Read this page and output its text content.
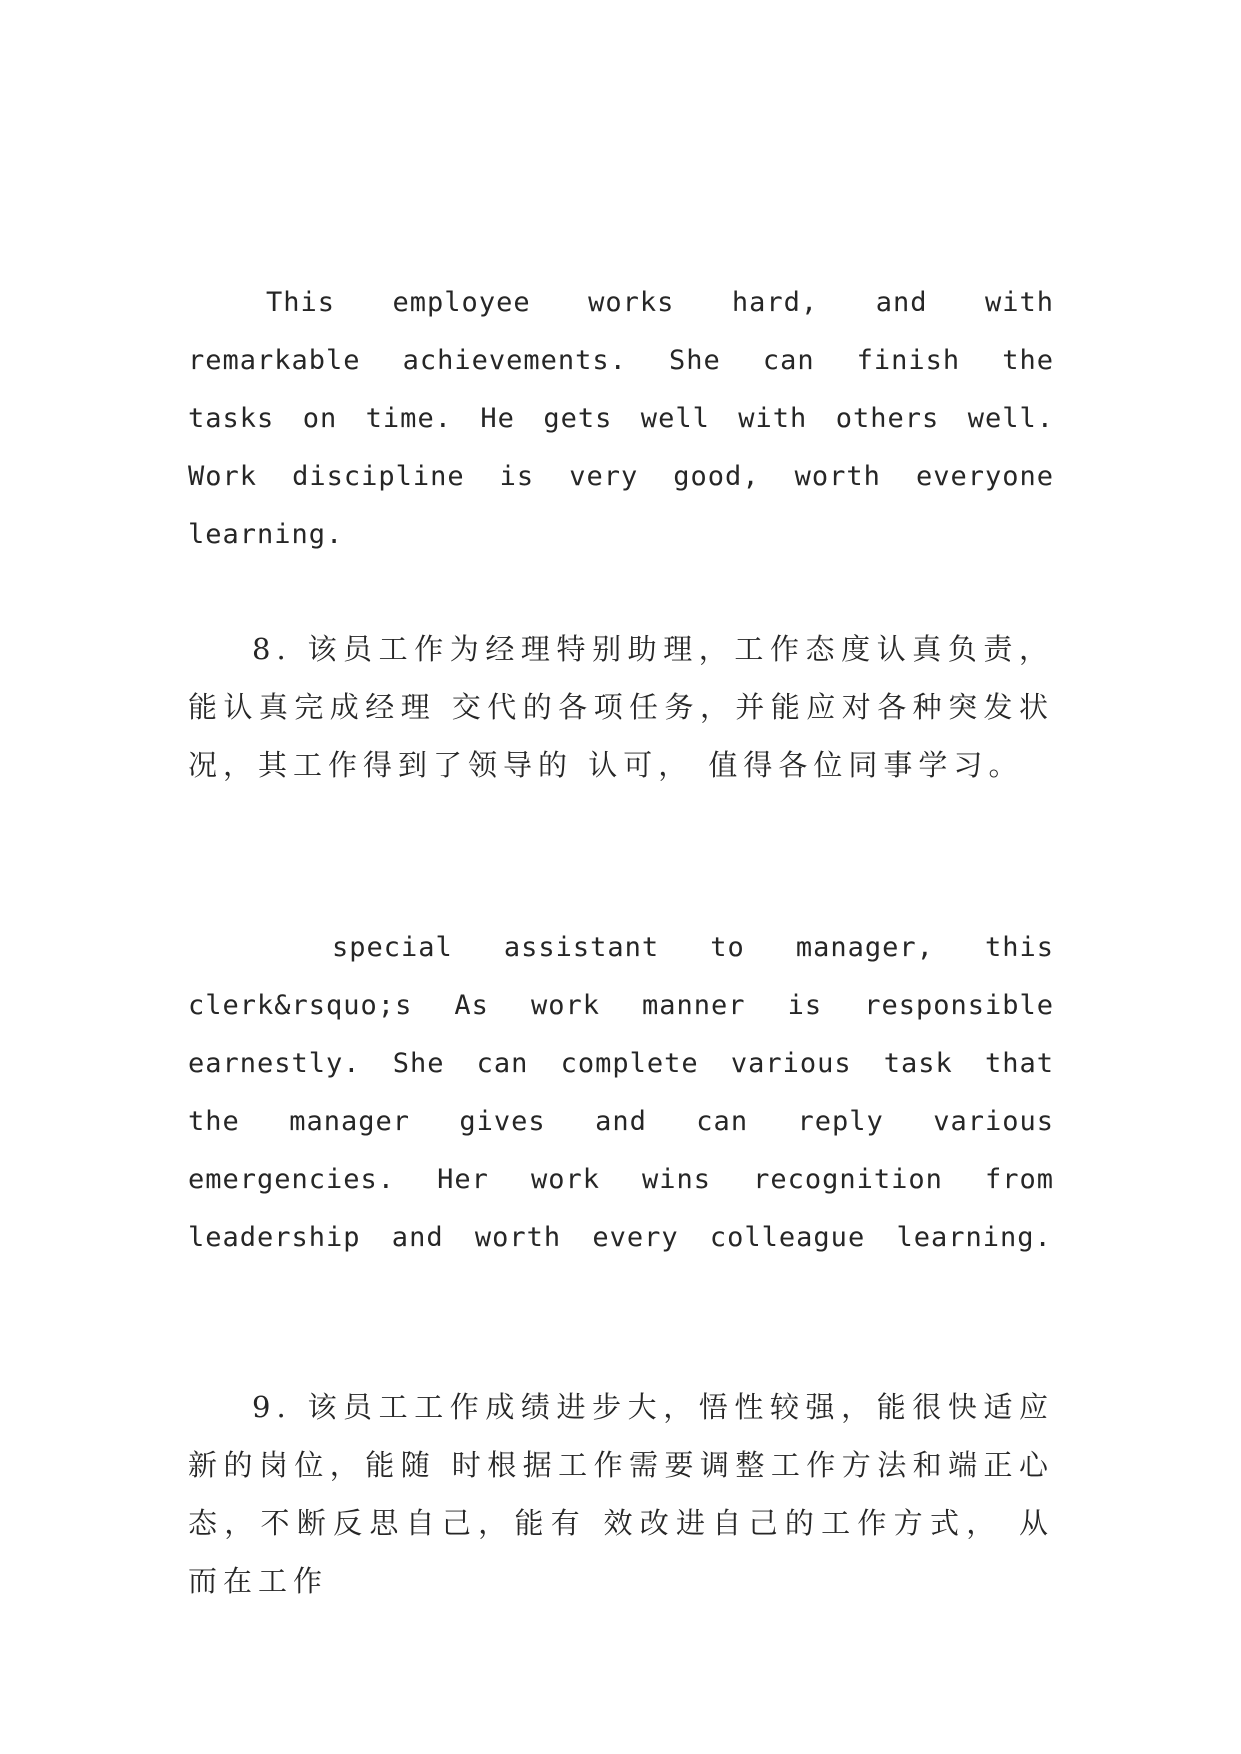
This employee works hard, and with remarkable achievements. She can finish the tasks on time. He gets well with others well. Work discipline is very good, worth everyone learning.

8. 该员工作为经理特别助理，工作态度认真负责，能认真完成经理 交代的各项任务，并能应对各种突发状况，其工作得到了领导的 认可， 值得各位同事学习。

special assistant to manager, this clerk&rsquo;s As work manner is responsible earnestly. She can complete various task that the manager gives and can reply various emergencies. Her work wins recognition from leadership and worth every colleague learning.

9. 该员工工作成绩进步大，悟性较强，能很快适应新的岗位，能随 时根据工作需要调整工作方法和端正心态，不断反思自己，能有 效改进自己的工作方式， 从而在工作
